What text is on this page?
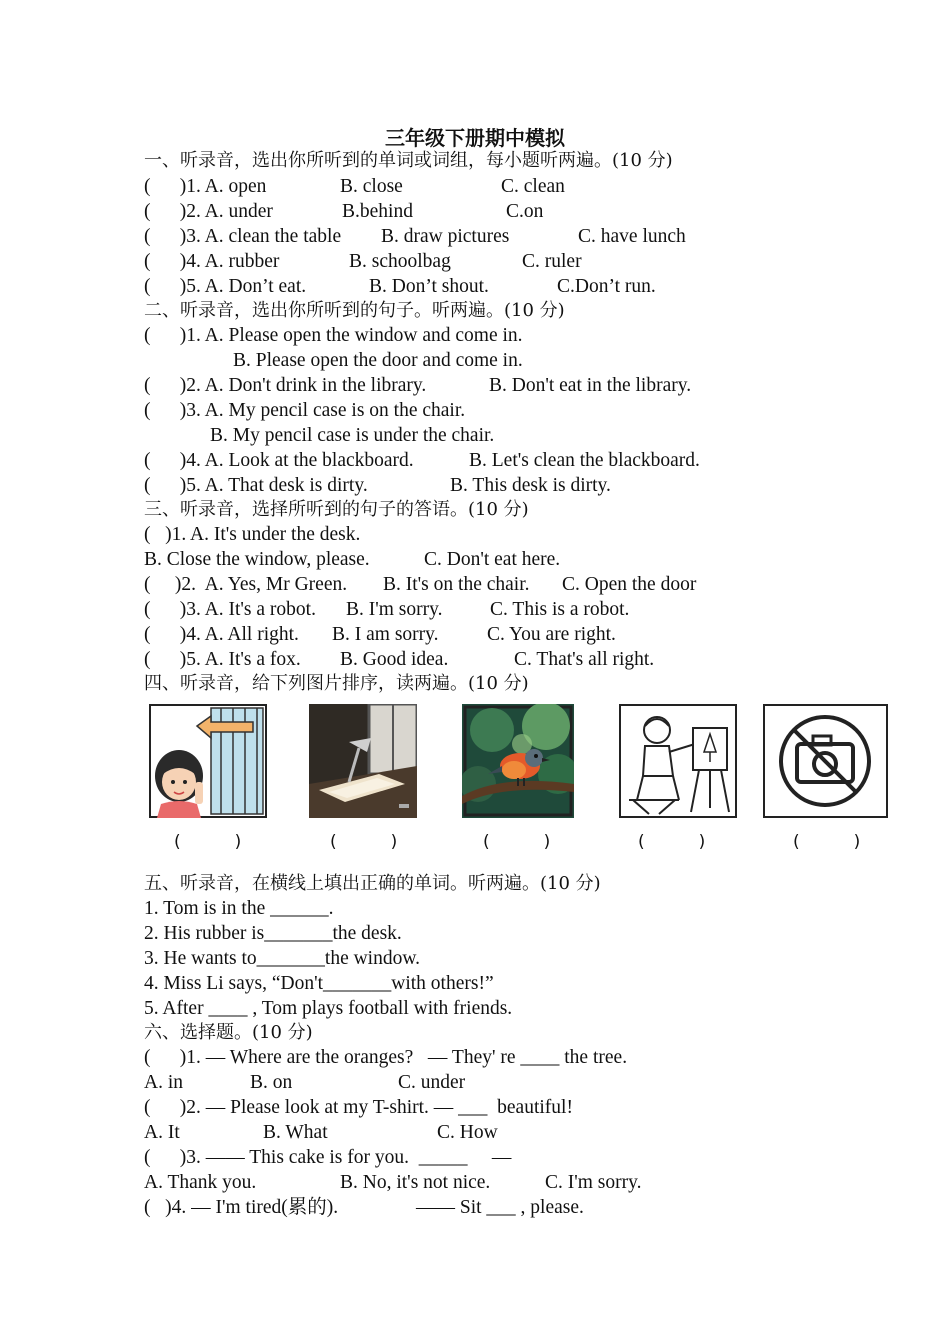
三年级下册期中模拟
一、听录音，选出你所听到的单词或词组，每小题听两遍。(10 分)

(      )1. A. open

	B. close

	C. clean

(      )2. A. under

	B.behind

	C.on

(      )3. A. clean the table

B. draw pictures

	C. have lunch

(      )4. A. rubber

	B. schoolbag

	C. ruler

(      )5. A. Don’t eat.

	B. Don’t shout.

	C.Don’t run.

二、听录音，选出你所听到的句子。听两遍。(10 分)
(      )1. A. Please open the window and come in.
B. Please open the door and come in.

(      )2. A. Don't drink in the library.

	B. Don't eat in the library.

(      )3. A. My pencil case is on the chair.
B. My pencil case is under the chair.

(      )4. A. Look at the blackboard.

	B. Let's clean the blackboard.

(      )5. A. That desk is dirty.

	B. This desk is dirty.

三、听录音，选择所听到的句子的答语。(10 分)
(   )1. A. It's under the desk.

B. Close the window, please.

	C. Don't eat here.

(     )2.  A. Yes, Mr Green.

B. It's on the chair.

C. Open the door

(      )3. A. It's a robot.

B. I'm sorry.

C. This is a robot.

(      )4. A. All right.

B. I am sorry.

C. You are right.

(      )5. A. It's a fox.

B. Good idea.

	C. That's all right.

四、听录音，给下列图片排序，读两遍。(10 分)
(          )	(          )	(          )	(          )	(          )
五、听录音，在横线上填出正确的单词。听两遍。(10 分)
1. Tom is in the ______.
2. His rubber is_______the desk.
3. He wants to_______the window.
4. Miss Li says, “Don't_______with others!”
5. After ____ , Tom plays football with friends.
六、选择题。(10 分)
(      )1. — Where are the oranges?   — They' re ____ the tree.

A. in

	B. on

	C. under

(      )2. — Please look at my T-shirt. — ___  beautiful!

A. It

	B. What

	C. How

(      )3. —— This cake is for you.  _____     —

A. Thank you.

	B. No, it's not nice.

	C. I'm sorry.

(   )4. — I'm tired(累的).

	—— Sit ___ , please.
